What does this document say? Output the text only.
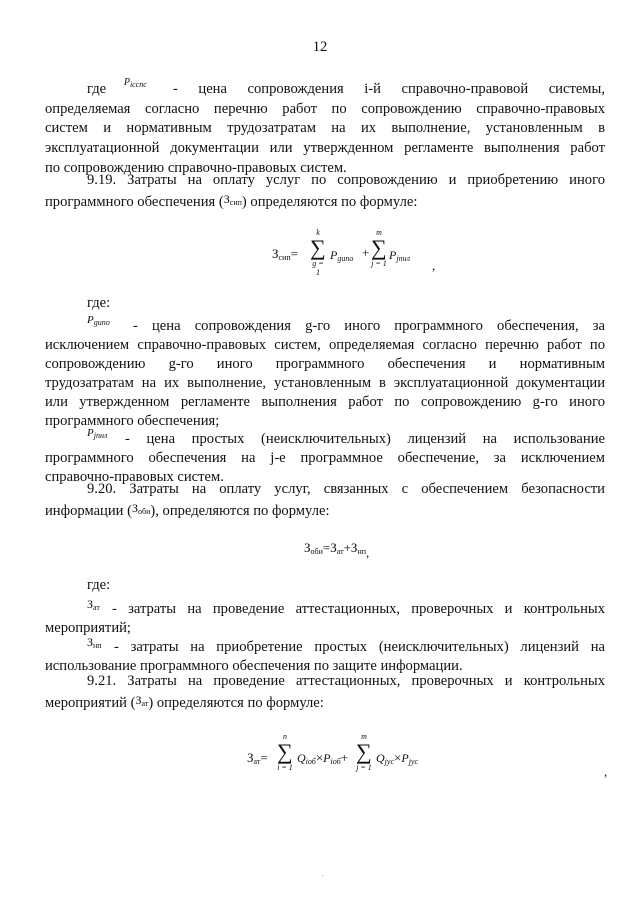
12
где $P_{iccnc}$	- цена сопровождения i-й справочно-правовой системы,
определяемая согласно перечню работ по сопровождению справочно-правовых
систем и нормативным трудозатратам на их выполнение, установленным в
эксплуатационной документации или утвержденном регламенте выполнения работ
по сопровождению справочно-правовых систем.
9.19. Затраты на оплату услуг по сопровождению и приобретению иного
программного обеспечения ($^{З_{сип}}$) определяются по формуле:
$З_{сип}=$
k
∑
g = 1
$P_{gипо}$ +
m
∑
j = 1
$P_{jпнл}$ ,
где:
$P_{gипо}$ - цена сопровождения g-го иного программного обеспечения, за
исключением справочно-правовых систем, определяемая согласно перечню работ по
сопровождению g-го иного программного обеспечения и нормативным
трудозатратам на их выполнение, установленным в эксплуатационной документации
или утвержденном регламенте выполнения работ по сопровождению g-го иного
программного обеспечения;
$P_{jпнл}$ - цена простых (неисключительных) лицензий на использование
программного обеспечения на j-е программное обеспечение, за исключением
справочно-правовых систем.
9.20. Затраты на оплату услуг, связанных с обеспечением безопасности
информации ($^{З_{оби}}$), определяются по формуле:
$З_{оби}=З_{ат}+З_{нп}$,
где:
$З_{ат}$ - затраты на проведение аттестационных, проверочных и контрольных
мероприятий;
$З_{нп}$ - затраты на приобретение простых (неисключительных) лицензий на
использование программного обеспечения по защите информации.
9.21. Затраты на проведение аттестационных, проверочных и контрольных
мероприятий ($^{З_{ат}}$) определяются по формуле:
$З_{ат}=$
n
∑
i = 1
$Q_{iоб}\times P_{iоб}+$
m
∑
j = 1
$Q_{jус}\times P_{jус}$
,
